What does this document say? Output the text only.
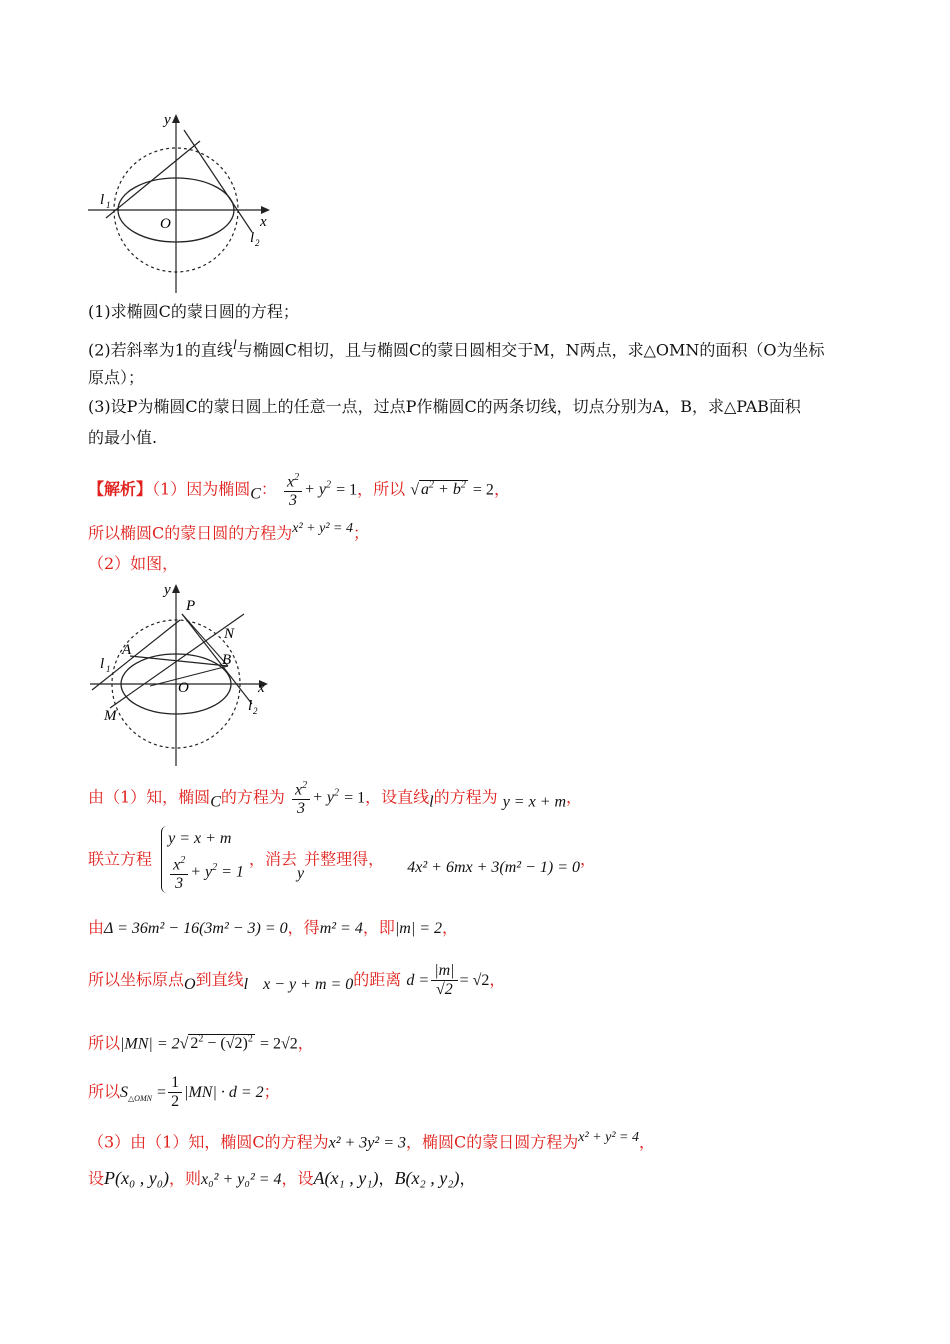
y
x
O
l 1
l 2
(1)求椭圆C的蒙日圆的方程；
(2)若斜率为1的直线l与椭圆C相切，且与椭圆C的蒙日圆相交于M，N两点，求△OMN的面积（O为坐标
原点）；
(3)设P为椭圆C的蒙日圆上的任意一点，过点P作椭圆C的两条切线，切点分别为A，B，求△PAB面积
的最小值.
【解析】（1）因为椭圆C： $\frac{x^2}{3} + y^2 = 1$，所以 √ $a^2 + b^2 = 2$，
所以椭圆C的蒙日圆的方程为x² + y² = 4；
（2）如图，
y
x
O
P
N
A
B
M
l 1
l 2
由（1）知，椭圆C的方程为 $\frac{x^2}{3} + y^2 = 1$，设直线l的方程为 y = x + m，
联立方程
y = x + m
$\frac{x^2}{3} + y^2 = 1$
，消去y并整理得， 4x² + 6mx + 3(m² − 1) = 0，
由Δ = 36m² − 16(3m² − 3) = 0，得m² = 4，即|m| = 2，
所以坐标原点O到直线l x − y + m = 0的距离 $d = \frac{|m|}{√2} = √2$，
所以|MN| = 2√ $2^2 - (√2)^2 = 2√2$，
所以$S_{\triangle OMN} = \frac{1}{2} |MN| \cdot d = 2$；
（3）由（1）知，椭圆C的方程为x² + 3y² = 3，椭圆C的蒙日圆方程为x² + y² = 4，
设P(x₀ , y₀)，则x₀² + y₀² = 4，设A(x₁ , y₁)，B(x₂ , y₂)，
